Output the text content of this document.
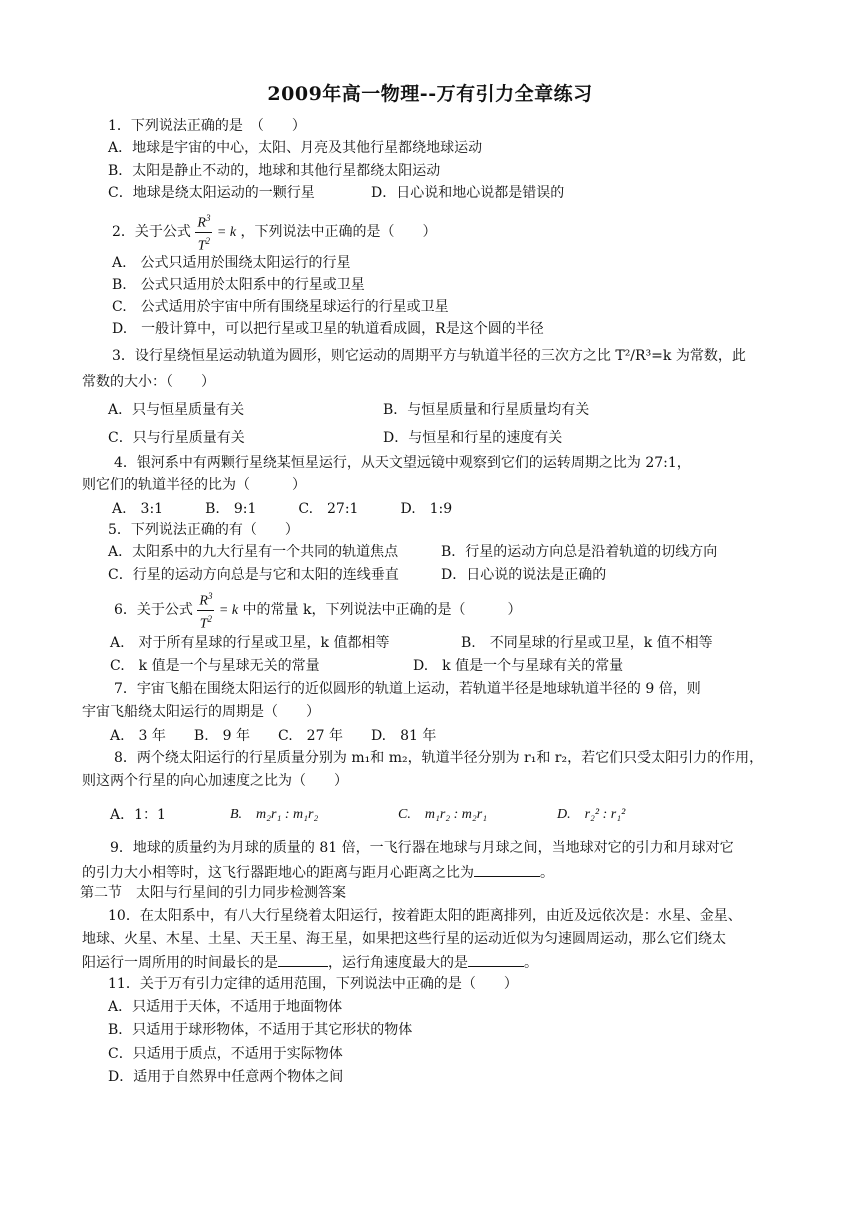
2009年高一物理--万有引力全章练习
1．下列说法正确的是　（　　）
A．地球是宇宙的中心，太阳、月亮及其他行星都绕地球运动
B．太阳是静止不动的，地球和其他行星都绕太阳运动
C．地球是绕太阳运动的一颗行星	D．日心说和地心说都是错误的
2．关于公式 $\frac{R^3}{T^2} = k$ ，下列说法中正确的是（　　）
A.　公式只适用於围绕太阳运行的行星
B.　公式只适用於太阳系中的行星或卫星
C.　公式适用於宇宙中所有围绕星球运行的行星或卫星
D.　一般计算中，可以把行星或卫星的轨道看成圆，R是这个圆的半径
3．设行星绕恒星运动轨道为圆形，则它运动的周期平方与轨道半径的三次方之比 T²/R³=k 为常数，此
常数的大小：（　　）
A．只与恒星质量有关	B．与恒星质量和行星质量均有关
C．只与行星质量有关	D．与恒星和行星的速度有关
4．银河系中有两颗行星绕某恒星运行，从天文望远镜中观察到它们的运转周期之比为 27:1，
则它们的轨道半径的比为（　　　）
A.　3:1　　　B.　9:1　　　C.　27:1　　　D.　1:9
5．下列说法正确的有（　　）
A．太阳系中的九大行星有一个共同的轨道焦点	B．行星的运动方向总是沿着轨道的切线方向
C．行星的运动方向总是与它和太阳的连线垂直	D．日心说的说法是正确的
6．关于公式 $\frac{R^3}{T^2} = k$ 中的常量 k，下列说法中正确的是（　　　）
A.　对于所有星球的行星或卫星，k 值都相等	B.　不同星球的行星或卫星，k 值不相等
C.　k 值是一个与星球无关的常量	D.　k 值是一个与星球有关的常量
7．宇宙飞船在围绕太阳运行的近似圆形的轨道上运动，若轨道半径是地球轨道半径的 9 倍，则
宇宙飞船绕太阳运行的周期是（　　）
A.　3 年　　B.　9 年　　C.　27 年　　D.　81 年
8．两个绕太阳运行的行星质量分别为 m₁和 m₂，轨道半径分别为 r₁和 r₂，若它们只受太阳引力的作用，
则这两个行星的向心加速度之比为（　　）
A．1：1	B.　m₂r₁ : m₁r₂	C.　m₁r₂ : m₂r₁	D.　r₂² : r₁²
9．地球的质量约为月球的质量的 81 倍，一飞行器在地球与月球之间，当地球对它的引力和月球对它
的引力大小相等时，这飞行器距地心的距离与距月心距离之比为	。
第二节　太阳与行星间的引力同步检测答案
10．在太阳系中，有八大行星绕着太阳运行，按着距太阳的距离排列，由近及远依次是：水星、金星、
地球、火星、木星、土星、天王星、海王星，如果把这些行星的运动近似为匀速圆周运动，那么它们绕太
阳运行一周所用的时间最长的是	，运行角速度最大的是	。
11．关于万有引力定律的适用范围，下列说法中正确的是（　　）
A．只适用于天体，不适用于地面物体
B．只适用于球形物体，不适用于其它形状的物体
C．只适用于质点，不适用于实际物体
D．适用于自然界中任意两个物体之间
